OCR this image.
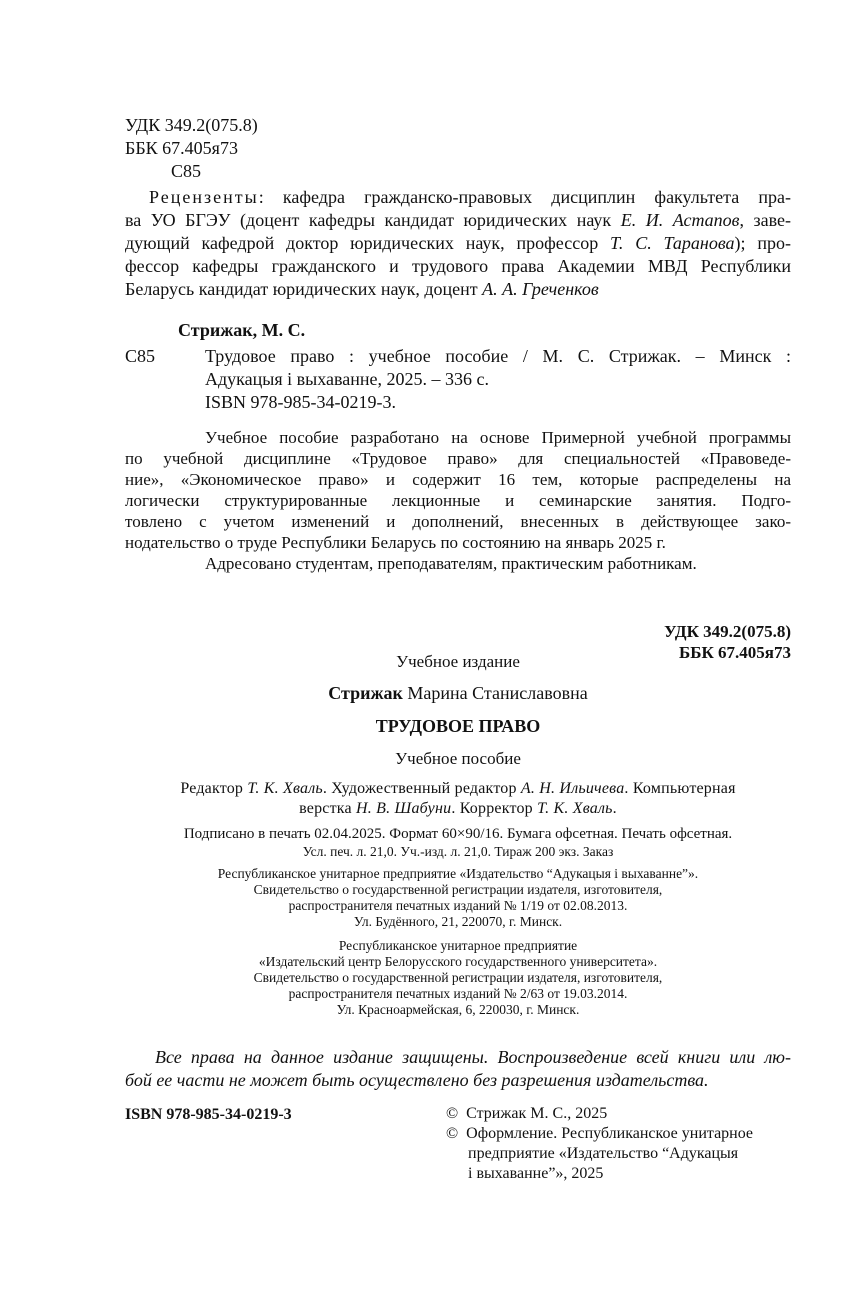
УДК 349.2(075.8)
ББК 67.405я73
С85
Рецензенты: кафедра гражданско-правовых дисциплин факультета пра-
ва УО БГЭУ (доцент кафедры кандидат юридических наук Е. И. Астапов, заве-
дующий кафедрой доктор юридических наук, профессор Т. С. Таранова); про-
фессор кафедры гражданского и трудового права Академии МВД Республики
Беларусь кандидат юридических наук, доцент А. А. Греченков
Стрижак, М. С.
С85	Трудовое право : учебное пособие / М. С. Стрижак. – Минск :
Адукацыя і выхаванне, 2025. – 336 с.
ISBN 978-985-34-0219-3.
Учебное пособие разработано на основе Примерной учебной программы
по учебной дисциплине «Трудовое право» для специальностей «Правоведе-
ние», «Экономическое право» и содержит 16 тем, которые распределены на
логически структурированные лекционные и семинарские занятия. Подго-
товлено с учетом изменений и дополнений, внесенных в действующее зако-
нодательство о труде Республики Беларусь по состоянию на январь 2025 г.
Адресовано студентам, преподавателям, практическим работникам.
УДК 349.2(075.8)
ББК 67.405я73
Учебное издание
Стрижак Марина Станиславовна
ТРУДОВОЕ ПРАВО
Учебное пособие
Редактор Т. К. Хваль. Художественный редактор А. Н. Ильичева. Компьютерная
верстка Н. В. Шабуни. Корректор Т. К. Хваль.
Подписано в печать 02.04.2025. Формат 60×90/16. Бумага офсетная. Печать офсетная.
Усл. печ. л. 21,0. Уч.-изд. л. 21,0. Тираж 200 экз. Заказ
Республиканское унитарное предприятие «Издательство “Адукацыя і выхаванне”».
Свидетельство о государственной регистрации издателя, изготовителя,
распространителя печатных изданий № 1/19 от 02.08.2013.
Ул. Будённого, 21, 220070, г. Минск.
Республиканское унитарное предприятие
«Издательский центр Белорусского государственного университета».
Свидетельство о государственной регистрации издателя, изготовителя,
распространителя печатных изданий № 2/63 от 19.03.2014.
Ул. Красноармейская, 6, 220030, г. Минск.
Все права на данное издание защищены. Воспроизведение всей книги или лю-
бой ее части не может быть осуществлено без разрешения издательства.
ISBN 978-985-34-0219-3	© Стрижак М. С., 2025
© Оформление. Республиканское унитарное
предприятие «Издательство “Адукацыя
і выхаванне”», 2025
